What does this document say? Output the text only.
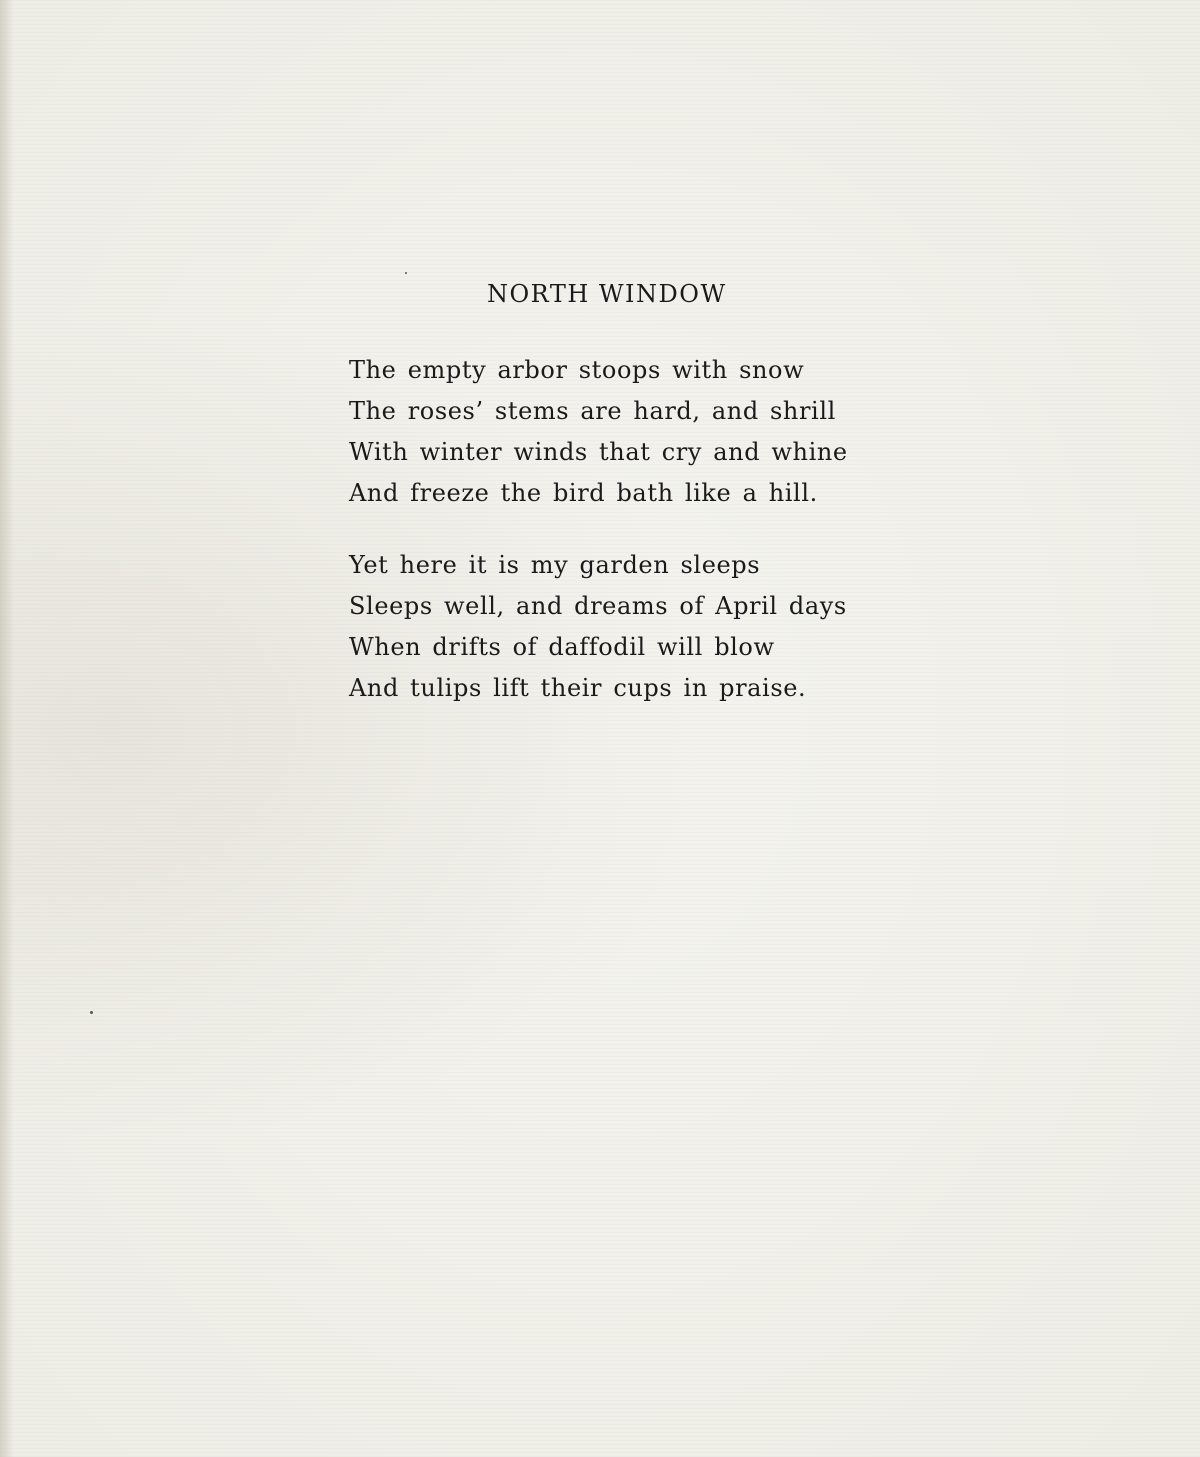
NORTH WINDOW
The empty arbor stoops with snow
The roses’ stems are hard, and shrill
With winter winds that cry and whine
And freeze the bird bath like a hill.
Yet here it is my garden sleeps
Sleeps well, and dreams of April days
When drifts of daffodil will blow
And tulips lift their cups in praise.
